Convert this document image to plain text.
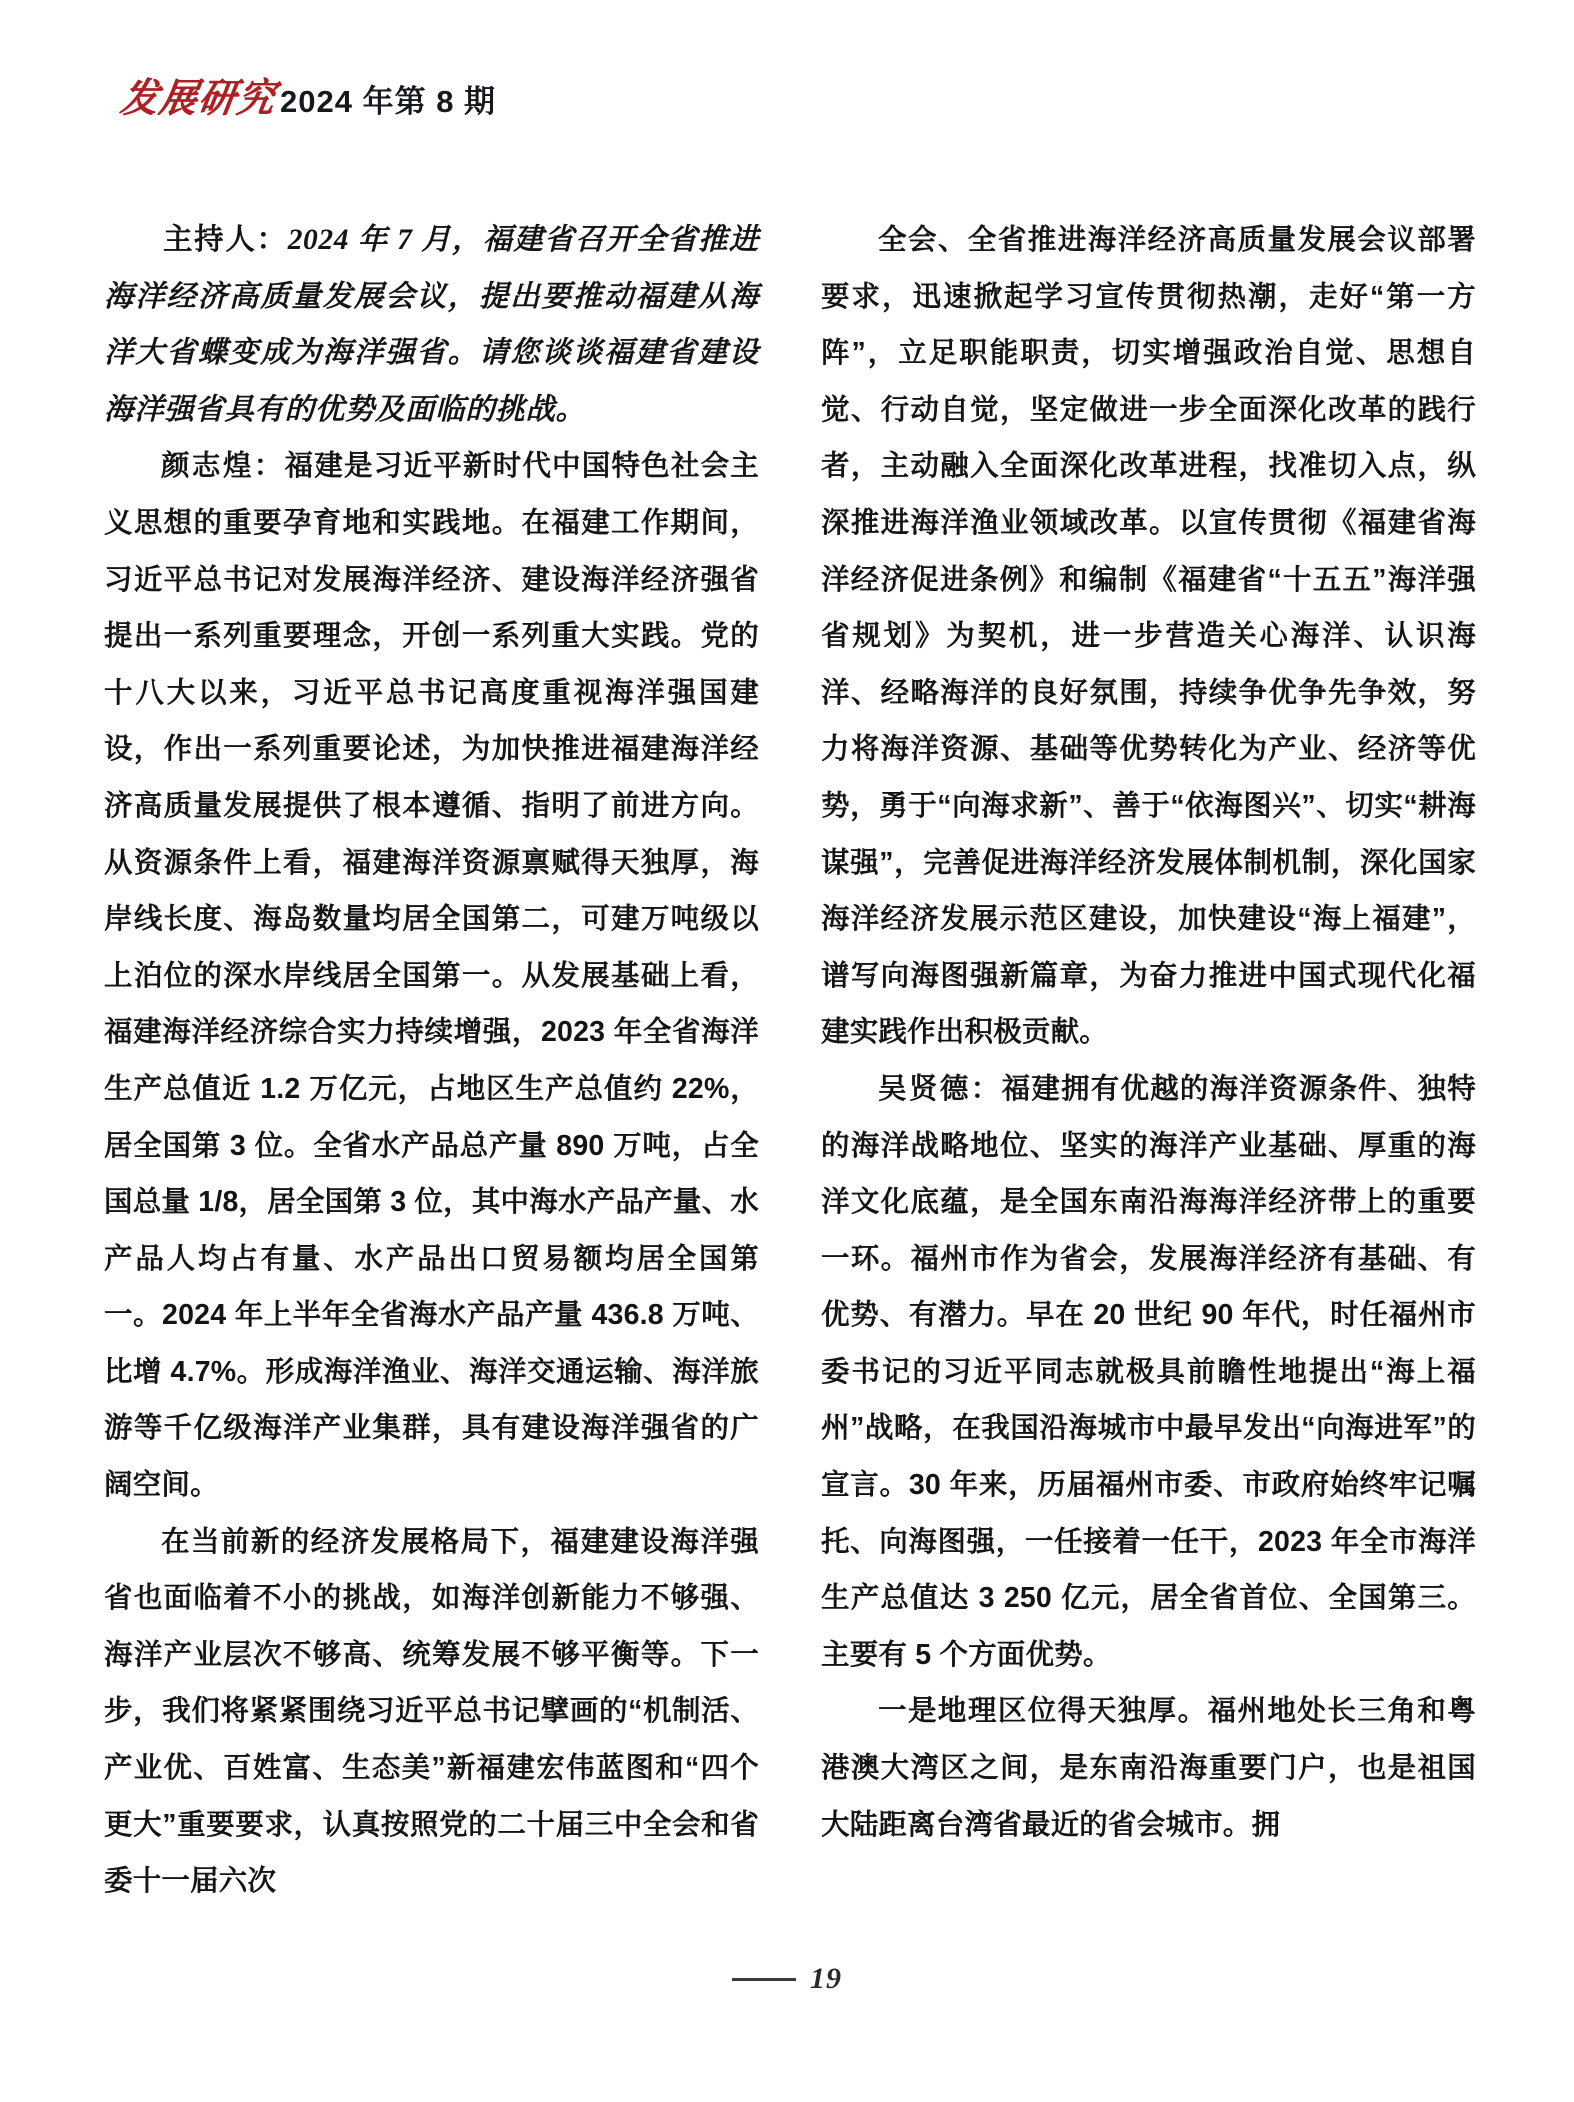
发展研究 2024 年第 8 期

主持人：2024 年 7 月，福建省召开全省推进海洋经济高质量发展会议，提出要推动福建从海洋大省蝶变成为海洋强省。请您谈谈福建省建设海洋强省具有的优势及面临的挑战。

颜志煌：福建是习近平新时代中国特色社会主义思想的重要孕育地和实践地。在福建工作期间，习近平总书记对发展海洋经济、建设海洋经济强省提出一系列重要理念，开创一系列重大实践。党的十八大以来，习近平总书记高度重视海洋强国建设，作出一系列重要论述，为加快推进福建海洋经济高质量发展提供了根本遵循、指明了前进方向。从资源条件上看，福建海洋资源禀赋得天独厚，海岸线长度、海岛数量均居全国第二，可建万吨级以上泊位的深水岸线居全国第一。从发展基础上看，福建海洋经济综合实力持续增强，2023 年全省海洋生产总值近 1.2 万亿元，占地区生产总值约 22%，居全国第 3 位。全省水产品总产量 890 万吨，占全国总量 1/8，居全国第 3 位，其中海水产品产量、水产品人均占有量、水产品出口贸易额均居全国第一。2024 年上半年全省海水产品产量 436.8 万吨、比增 4.7%。形成海洋渔业、海洋交通运输、海洋旅游等千亿级海洋产业集群，具有建设海洋强省的广阔空间。

在当前新的经济发展格局下，福建建设海洋强省也面临着不小的挑战，如海洋创新能力不够强、海洋产业层次不够高、统筹发展不够平衡等。下一步，我们将紧紧围绕习近平总书记擘画的“机制活、产业优、百姓富、生态美”新福建宏伟蓝图和“四个更大”重要要求，认真按照党的二十届三中全会和省委十一届六次

全会、全省推进海洋经济高质量发展会议部署要求，迅速掀起学习宣传贯彻热潮，走好“第一方阵”，立足职能职责，切实增强政治自觉、思想自觉、行动自觉，坚定做进一步全面深化改革的践行者，主动融入全面深化改革进程，找准切入点，纵深推进海洋渔业领域改革。以宣传贯彻《福建省海洋经济促进条例》和编制《福建省“十五五”海洋强省规划》为契机，进一步营造关心海洋、认识海洋、经略海洋的良好氛围，持续争优争先争效，努力将海洋资源、基础等优势转化为产业、经济等优势，勇于“向海求新”、善于“依海图兴”、切实“耕海谋强”，完善促进海洋经济发展体制机制，深化国家海洋经济发展示范区建设，加快建设“海上福建”，谱写向海图强新篇章，为奋力推进中国式现代化福建实践作出积极贡献。

吴贤德：福建拥有优越的海洋资源条件、独特的海洋战略地位、坚实的海洋产业基础、厚重的海洋文化底蕴，是全国东南沿海海洋经济带上的重要一环。福州市作为省会，发展海洋经济有基础、有优势、有潜力。早在 20 世纪 90 年代，时任福州市委书记的习近平同志就极具前瞻性地提出“海上福州”战略，在我国沿海城市中最早发出“向海进军”的宣言。30 年来，历届福州市委、市政府始终牢记嘱托、向海图强，一任接着一任干，2023 年全市海洋生产总值达 3 250 亿元，居全省首位、全国第三。主要有 5 个方面优势。

一是地理区位得天独厚。福州地处长三角和粤港澳大湾区之间，是东南沿海重要门户，也是祖国大陆距离台湾省最近的省会城市。拥

19
